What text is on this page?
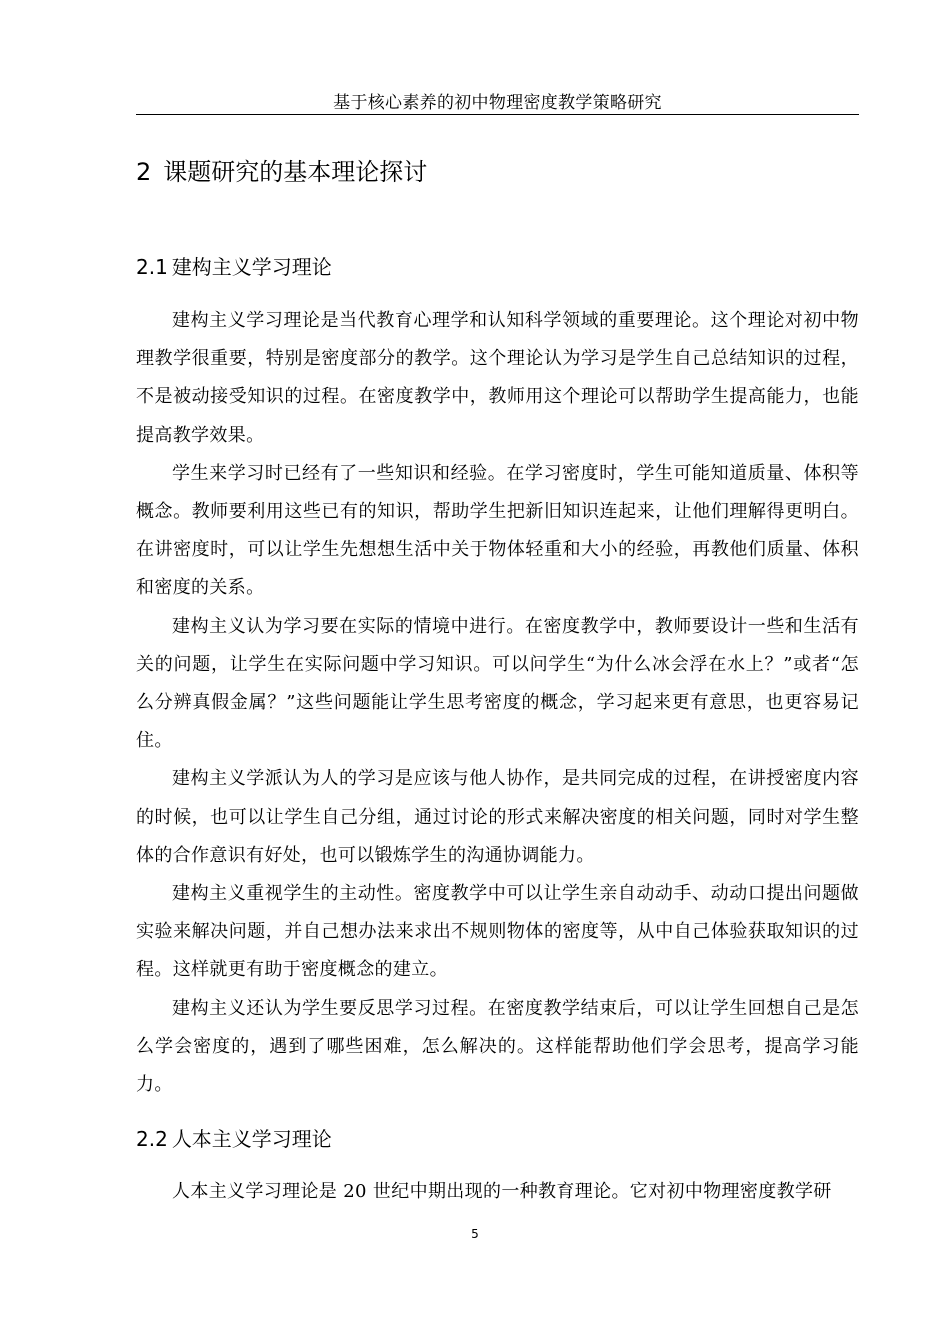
基于核心素养的初中物理密度教学策略研究
2 课题研究的基本理论探讨
2.1 建构主义学习理论

建构主义学习理论是当代教育心理学和认知科学领域的重要理论。这个理论对初中物理教学很重要，特别是密度部分的教学。这个理论认为学习是学生自己总结知识的过程，不是被动接受知识的过程。在密度教学中，教师用这个理论可以帮助学生提高能力，也能提高教学效果。

学生来学习时已经有了一些知识和经验。在学习密度时，学生可能知道质量、体积等概念。教师要利用这些已有的知识，帮助学生把新旧知识连起来，让他们理解得更明白。在讲密度时，可以让学生先想想生活中关于物体轻重和大小的经验，再教他们质量、体积和密度的关系。

建构主义认为学习要在实际的情境中进行。在密度教学中，教师要设计一些和生活有关的问题，让学生在实际问题中学习知识。可以问学生“为什么冰会浮在水上？”或者“怎么分辨真假金属？”这些问题能让学生思考密度的概念，学习起来更有意思，也更容易记住。

建构主义学派认为人的学习是应该与他人协作，是共同完成的过程，在讲授密度内容的时候，也可以让学生自己分组，通过讨论的形式来解决密度的相关问题，同时对学生整体的合作意识有好处，也可以锻炼学生的沟通协调能力。

建构主义重视学生的主动性。密度教学中可以让学生亲自动动手、动动口提出问题做实验来解决问题，并自己想办法来求出不规则物体的密度等，从中自己体验获取知识的过程。这样就更有助于密度概念的建立。

建构主义还认为学生要反思学习过程。在密度教学结束后，可以让学生回想自己是怎么学会密度的，遇到了哪些困难，怎么解决的。这样能帮助他们学会思考，提高学习能力。

2.2 人本主义学习理论

人本主义学习理论是 20 世纪中期出现的一种教育理论。它对初中物理密度教学研

5
